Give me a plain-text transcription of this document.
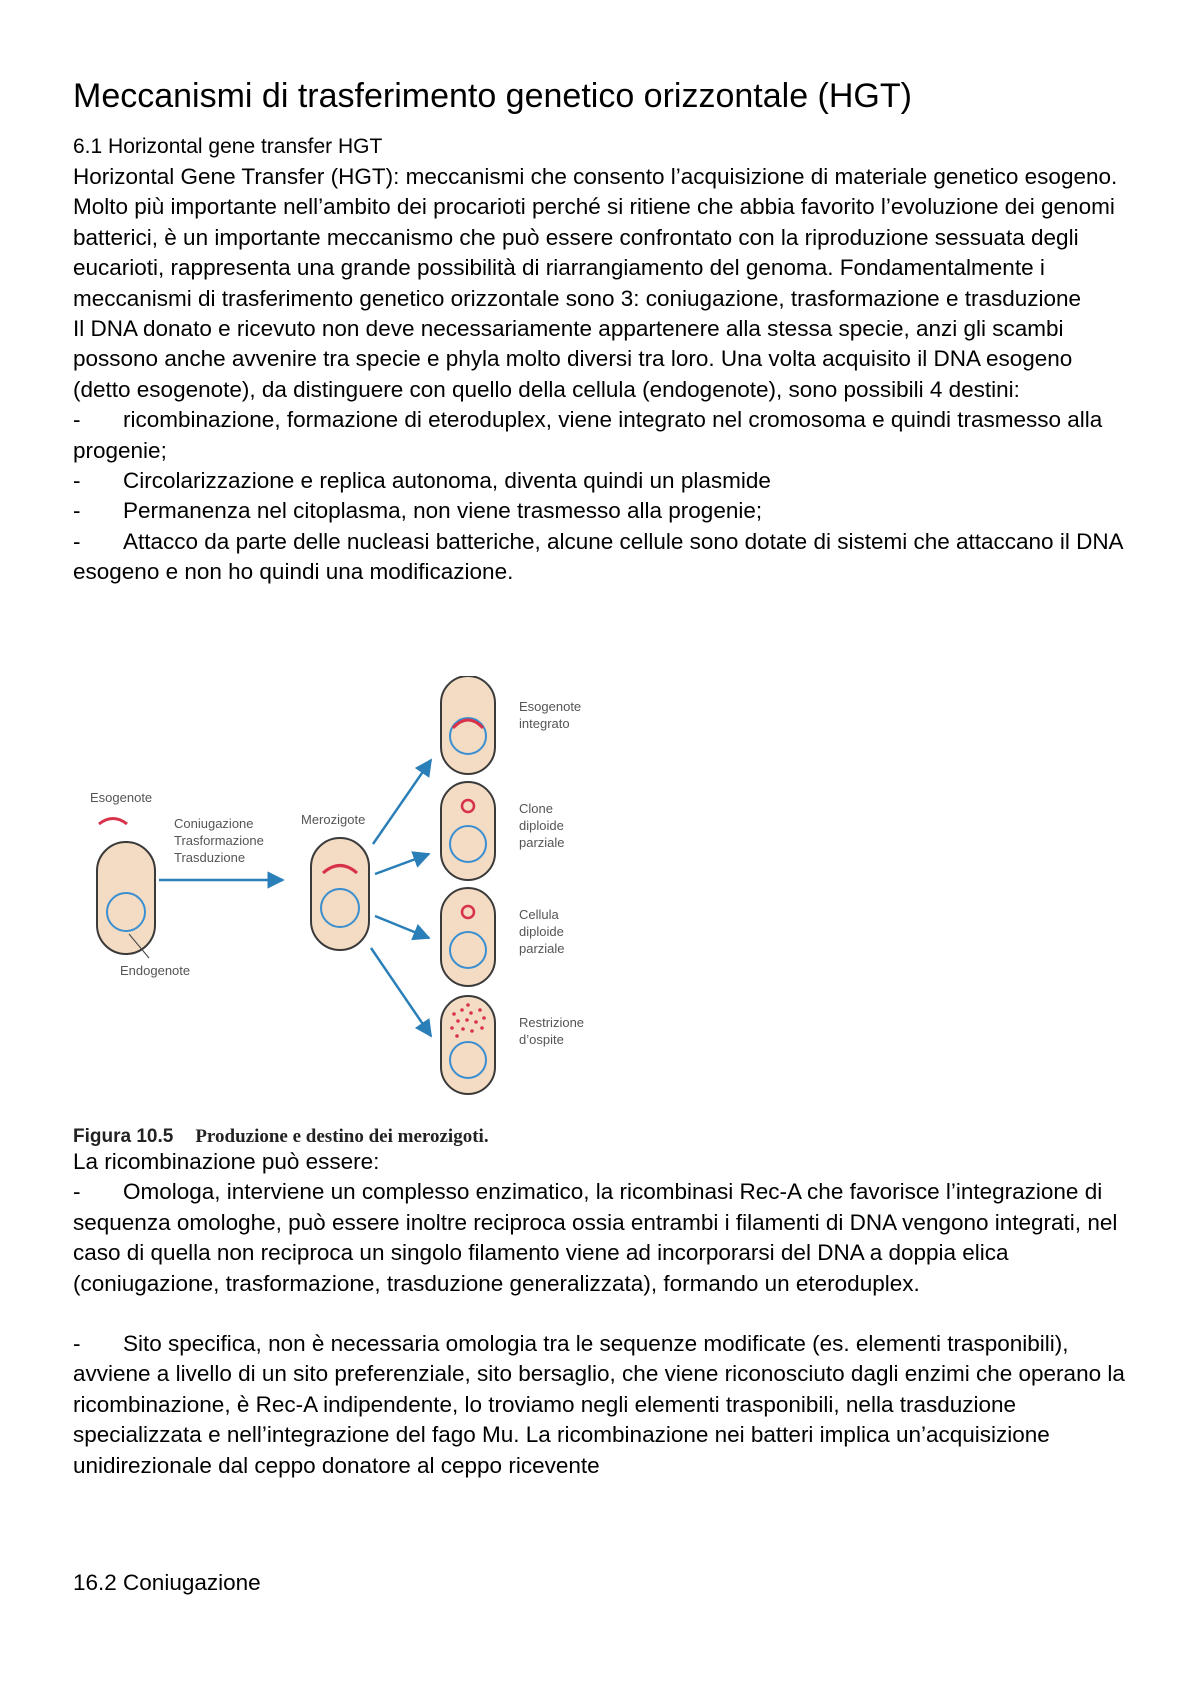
Meccanismi di trasferimento genetico orizzontale (HGT)
6.1 Horizontal gene transfer HGT

Horizontal Gene Transfer (HGT): meccanismi che consento l’acquisizione di materiale genetico esogeno. Molto più importante nell’ambito dei procarioti perché si ritiene che abbia favorito l’evoluzione dei genomi batterici, è un importante meccanismo che può essere confrontato con la riproduzione sessuata degli eucarioti, rappresenta una grande possibilità di riarrangiamento del genoma. Fondamentalmente i meccanismi di trasferimento genetico orizzontale sono 3: coniugazione, trasformazione e trasduzione

Il DNA donato e ricevuto non deve necessariamente appartenere alla stessa specie, anzi gli scambi possono anche avvenire tra specie e phyla molto diversi tra loro. Una volta acquisito il DNA esogeno (detto esogenote), da distinguere con quello della cellula (endogenote), sono possibili 4 destini:

- ricombinazione, formazione di eteroduplex, viene integrato nel cromosoma e quindi trasmesso alla progenie;

- Circolarizzazione e replica autonoma, diventa quindi un plasmide

- Permanenza nel citoplasma, non viene trasmesso alla progenie;

- Attacco da parte delle nucleasi batteriche, alcune cellule sono dotate di sistemi che attaccano il DNA esogeno e non ho quindi una modificazione.

Esogenote
Endogenote
Coniugazione
Trasformazione
Trasduzione
Merozigote
Esogenote
integrato
Clone
diploide
parziale
Cellula
diploide
parziale
Restrizione
d’ospite
Figura 10.5 Produzione e destino dei merozigoti.

La ricombinazione può essere:

- Omologa, interviene un complesso enzimatico, la ricombinasi Rec-A che favorisce l’integrazione di sequenza omologhe, può essere inoltre reciproca ossia entrambi i filamenti di DNA vengono integrati, nel caso di quella non reciproca un singolo filamento viene ad incorporarsi del DNA a doppia elica (coniugazione, trasformazione, trasduzione generalizzata), formando un eteroduplex.

- Sito specifica, non è necessaria omologia tra le sequenze modificate (es. elementi trasponibili), avviene a livello di un sito preferenziale, sito bersaglio, che viene riconosciuto dagli enzimi che operano la ricombinazione, è Rec-A indipendente, lo troviamo negli elementi trasponibili, nella trasduzione specializzata e nell’integrazione del fago Mu. La ricombinazione nei batteri implica un’acquisizione unidirezionale dal ceppo donatore al ceppo ricevente

16.2 Coniugazione
